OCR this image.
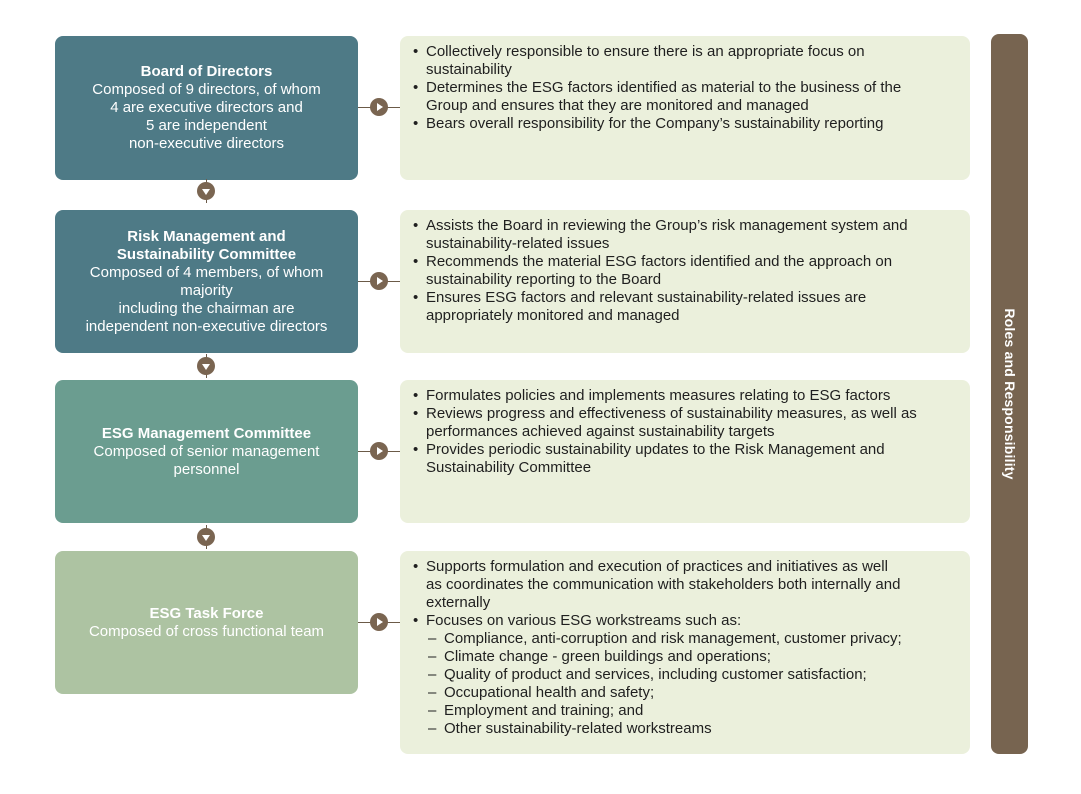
Board of Directors
Composed of 9 directors, of whom
4 are executive directors and
5 are independent
non-executive directors
• Collectively responsible to ensure there is an appropriate focus on
sustainability
• Determines the ESG factors identified as material to the business of the
Group and ensures that they are monitored and managed
• Bears overall responsibility for the Company’s sustainability reporting
Risk Management and
Sustainability Committee
Composed of 4 members, of whom majority
including the chairman are
independent non-executive directors
• Assists the Board in reviewing the Group’s risk management system and
sustainability-related issues
• Recommends the material ESG factors identified and the approach on
sustainability reporting to the Board
• Ensures ESG factors and relevant sustainability-related issues are
appropriately monitored and managed
ESG Management Committee
Composed of senior management
personnel
• Formulates policies and implements measures relating to ESG factors
• Reviews progress and effectiveness of sustainability measures, as well as
performances achieved against sustainability targets
• Provides periodic sustainability updates to the Risk Management and
Sustainability Committee
ESG Task Force
Composed of cross functional team
• Supports formulation and execution of practices and initiatives as well
as coordinates the communication with stakeholders both internally and
externally
• Focuses on various ESG workstreams such as:
– Compliance, anti-corruption and risk management, customer privacy;
– Climate change - green buildings and operations;
– Quality of product and services, including customer satisfaction;
– Occupational health and safety;
– Employment and training; and
– Other sustainability-related workstreams
Roles and Responsibility
